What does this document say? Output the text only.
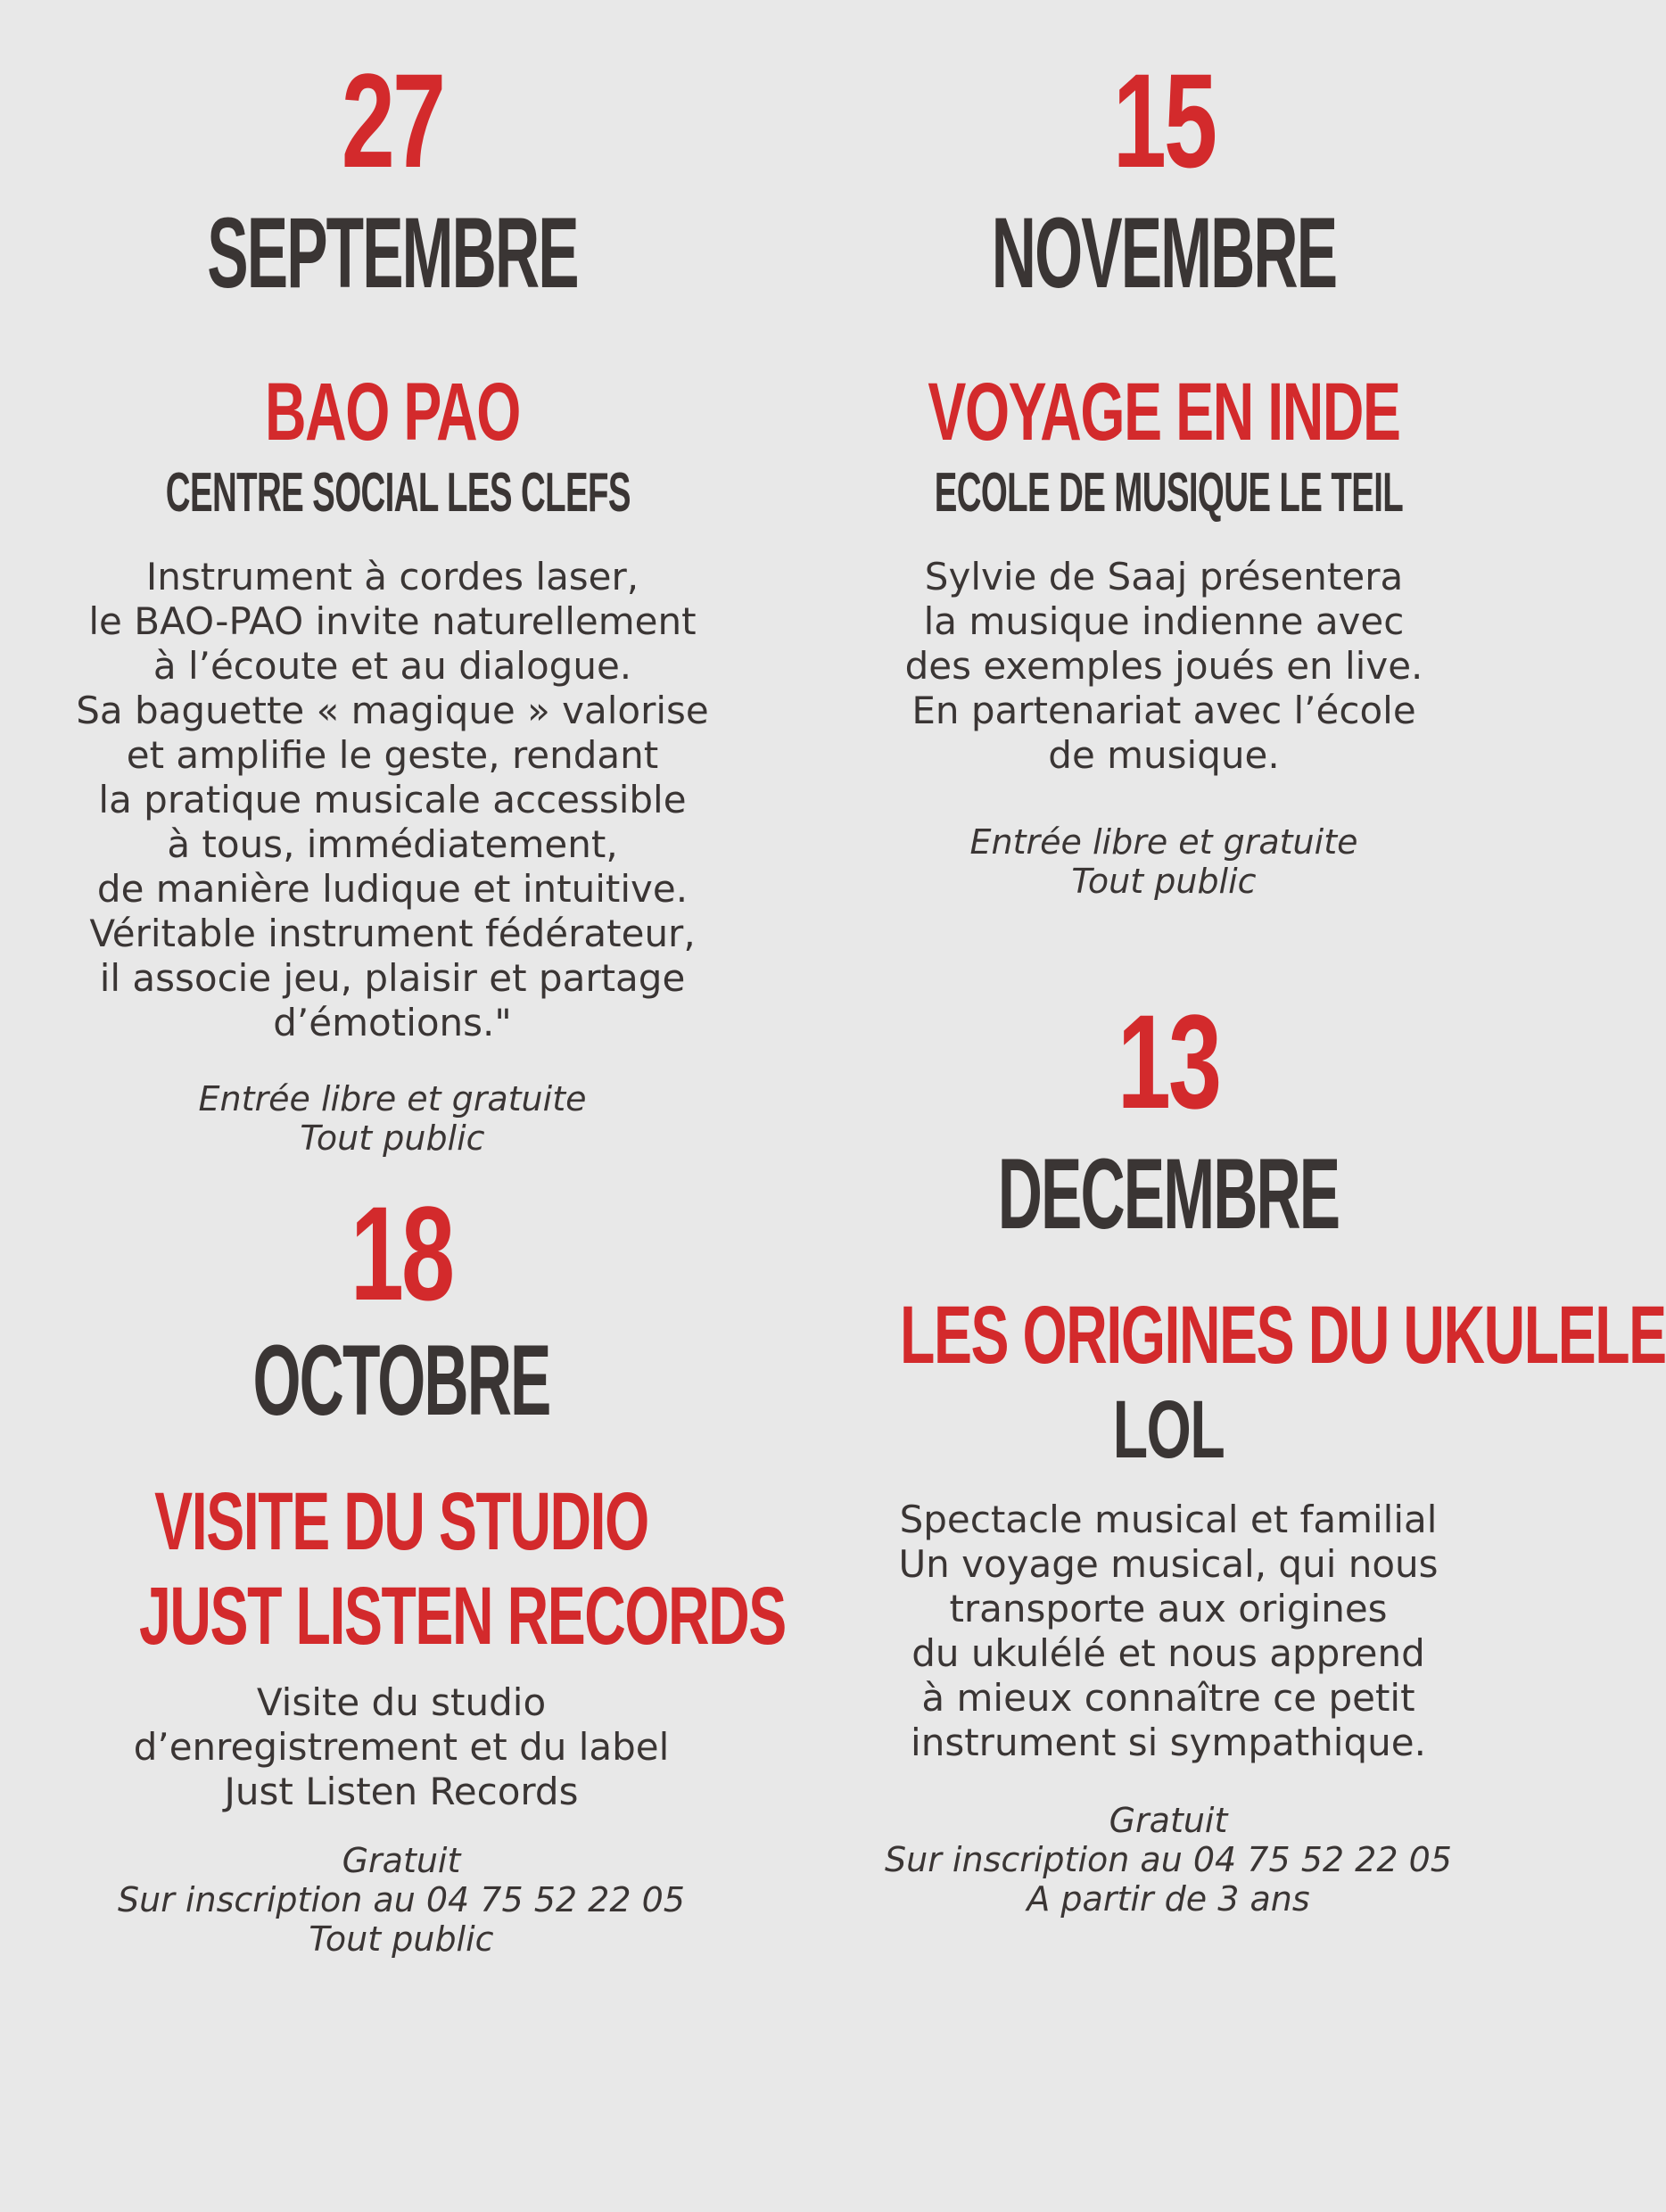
27
SEPTEMBRE
BAO PAO
CENTRE SOCIAL LES CLEFS
Instrument à cordes laser,
le BAO-PAO invite naturellement
à l’écoute et au dialogue.
Sa baguette « magique » valorise
et amplifie le geste, rendant
la pratique musicale accessible
à tous, immédiatement,
de manière ludique et intuitive.
Véritable instrument fédérateur,
il associe jeu, plaisir et partage
d’émotions."

Entrée libre et gratuite

Tout public

15
NOVEMBRE
VOYAGE EN INDE
ECOLE DE MUSIQUE LE TEIL
Sylvie de Saaj présentera
la musique indienne avec
des exemples joués en live.
En partenariat avec l’école
de musique.

Entrée libre et gratuite

Tout public

18
OCTOBRE
VISITE DU STUDIO
JUST LISTEN RECORDS
Visite du studio
d’enregistrement et du label
Just Listen Records

Gratuit

Sur inscription au 04 75 52 22 05

Tout public

13
DECEMBRE
LES ORIGINES DU UKULELE
LOL
Spectacle musical et familial
Un voyage musical, qui nous
transporte aux origines
du ukulélé et nous apprend
à mieux connaître ce petit
instrument si sympathique.

Gratuit

Sur inscription au 04 75 52 22 05

A partir de 3 ans
